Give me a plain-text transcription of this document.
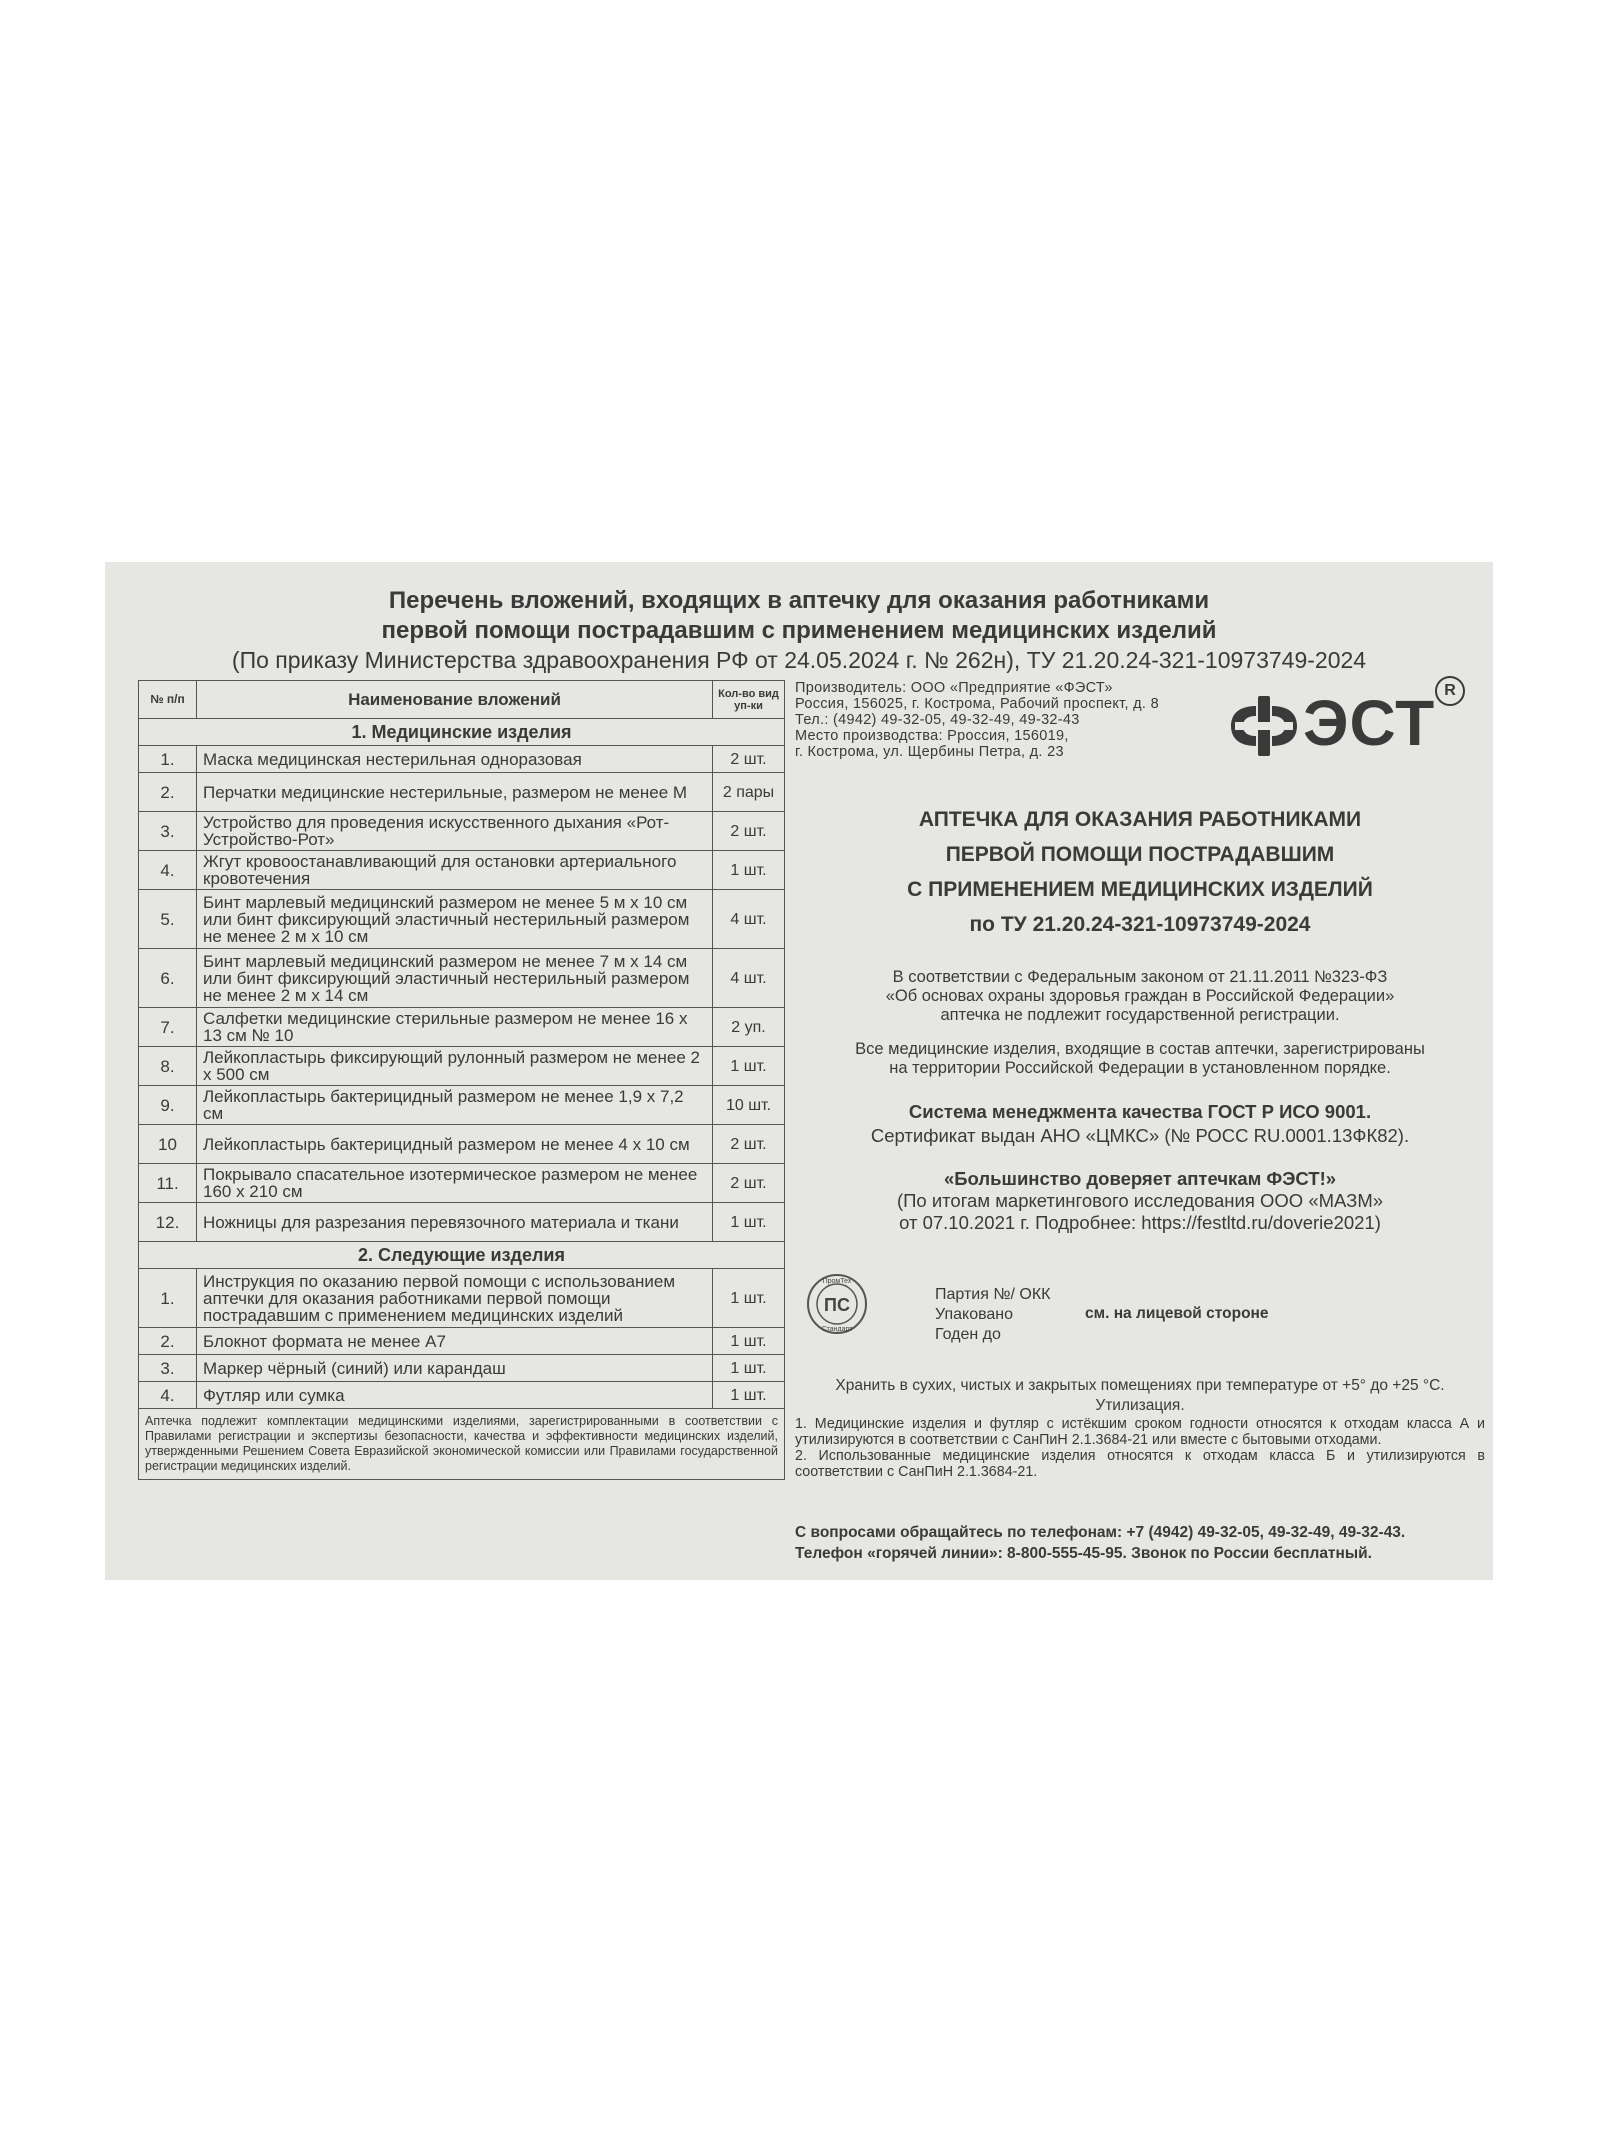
Перечень вложений, входящих в аптечку для оказания работниками
первой помощи пострадавшим с применением медицинских изделий
(По приказу Министерства здравоохранения РФ от 24.05.2024 г. № 262н), ТУ 21.20.24-321-10973749-2024
№ п/п	Наименование вложений	Кол-во вид уп-ки
1. Медицинские изделия		
1.	Маска медицинская нестерильная одноразовая	2 шт.
2.	Перчатки медицинские нестерильные, размером не менее М	2 пары
3.	Устройство для проведения искусственного дыхания «Рот-Устройство-Рот»	2 шт.
4.	Жгут кровоостанавливающий для остановки артериального кровотечения	1 шт.
5.	Бинт марлевый медицинский размером не менее 5 м х 10 см или бинт фиксирующий эластичный нестерильный размером не менее 2 м х 10 см	4 шт.
6.	Бинт марлевый медицинский размером не менее 7 м х 14 см или бинт фиксирующий эластичный нестерильный размером не менее 2 м х 14 см	4 шт.
7.	Салфетки медицинские стерильные размером не менее 16 х 13 см № 10	2 уп.
8.	Лейкопластырь фиксирующий рулонный размером не менее 2 х 500 см	1 шт.
9.	Лейкопластырь бактерицидный размером не менее 1,9 х 7,2 см	10 шт.
10	Лейкопластырь бактерицидный размером не менее 4 х 10 см	2 шт.
11.	Покрывало спасательное изотермическое размером не менее 160 х 210 см	2 шт.
12.	Ножницы для разрезания перевязочного материала и ткани	1 шт.
2. Следующие изделия		
1.	Инструкция по оказанию первой помощи с использованием аптечки для оказания работниками первой помощи пострадавшим с применением медицинских изделий	1 шт.
2.	Блокнот формата не менее А7	1 шт.
3.	Маркер чёрный (синий) или карандаш	1 шт.
4.	Футляр или сумка	1 шт.
Аптечка подлежит комплектации медицинскими изделиями, зарегистрированными в соответствии с Правилами регистрации и экспертизы безопасности, качества и эффективности медицинских изделий, утвержденными Решением Совета Евразийской экономической комиссии или Правилами государственной регистрации медицинских изделий.		
Производитель: ООО «Предприятие «ФЭСТ»
Россия, 156025, г. Кострома, Рабочий проспект, д. 8
Тел.: (4942) 49-32-05, 49-32-49, 49-32-43
Место производства: Рроссия, 156019,
г. Кострома, ул. Щербины Петра, д. 23	ЭСТ R
АПТЕЧКА ДЛЯ ОКАЗАНИЯ РАБОТНИКАМИ
ПЕРВОЙ ПОМОЩИ ПОСТРАДАВШИМ
С ПРИМЕНЕНИЕМ МЕДИЦИНСКИХ ИЗДЕЛИЙ
по ТУ 21.20.24-321-10973749-2024
В соответствии с Федеральным законом от 21.11.2011 №323-ФЗ
«Об основах охраны здоровья граждан в Российской Федерации»
аптечка не подлежит государственной регистрации.
Все медицинские изделия, входящие в состав аптечки, зарегистрированы
на территории Российской Федерации в установленном порядке.
Система менеджмента качества ГОСТ Р ИСО 9001.
Сертификат выдан АНО «ЦМКС» (№ РОСС RU.0001.13ФК82).
«Большинство доверяет аптечкам ФЭСТ!»
(По итогам маркетингового исследования ООО «МАЗМ»
от 07.10.2021 г. Подробнее: https://festltd.ru/doverie2021)
ПромТех
ПС
Стандарт
Партия №/ ОКК
Упаковано
Годен до
см. на лицевой стороне
Хранить в сухих, чистых и закрытых помещениях при температуре от +5° до +25 °С.
Утилизация.
1. Медицинские изделия и футляр с истёкшим сроком годности относятся к отходам класса А и утилизируются в соответствии с СанПиН 2.1.3684-21 или вместе с бытовыми отходами.
2. Использованные медицинские изделия относятся к отходам класса Б и утилизируются в соответствии с СанПиН 2.1.3684-21.
С вопросами обращайтесь по телефонам: +7 (4942) 49-32-05, 49-32-49, 49-32-43.
Телефон «горячей линии»: 8-800-555-45-95. Звонок по России бесплатный.
